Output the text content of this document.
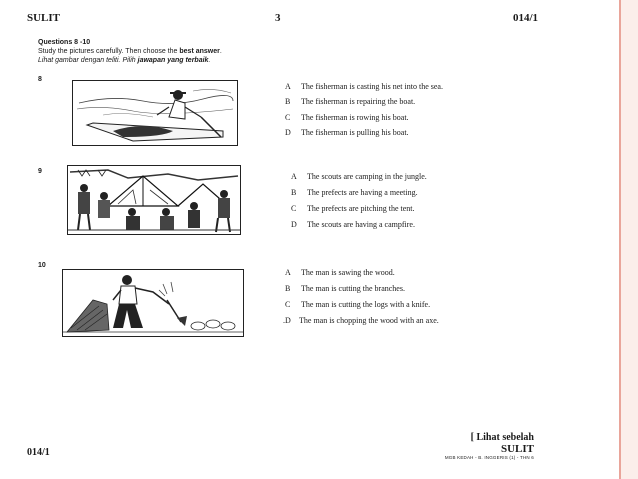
SULIT	3	014/1
Questions 8 -10
Study the pictures carefully. Then choose the best answer.
Lihat gambar dengan teliti. Pilih jawapan yang terbaik.
8
A The fisherman is casting his net into the sea.
B The fisherman is repairing the boat.
C The fisherman is rowing his boat.
D The fisherman is pulling his boat.
9
A The scouts are camping in the jungle.
B The prefects are having a meeting.
C The prefects are pitching the tent.
D The scouts are having a campfire.
10
A The man is sawing the wood.
B The man is cutting the branches.
C The man is cutting the logs with a knife.
.D The man is chopping the wood with an axe.
014/1
[ Lihat sebelah
SULIT
MGB KEDAH - B. INGGERIS (1) - THN 6
